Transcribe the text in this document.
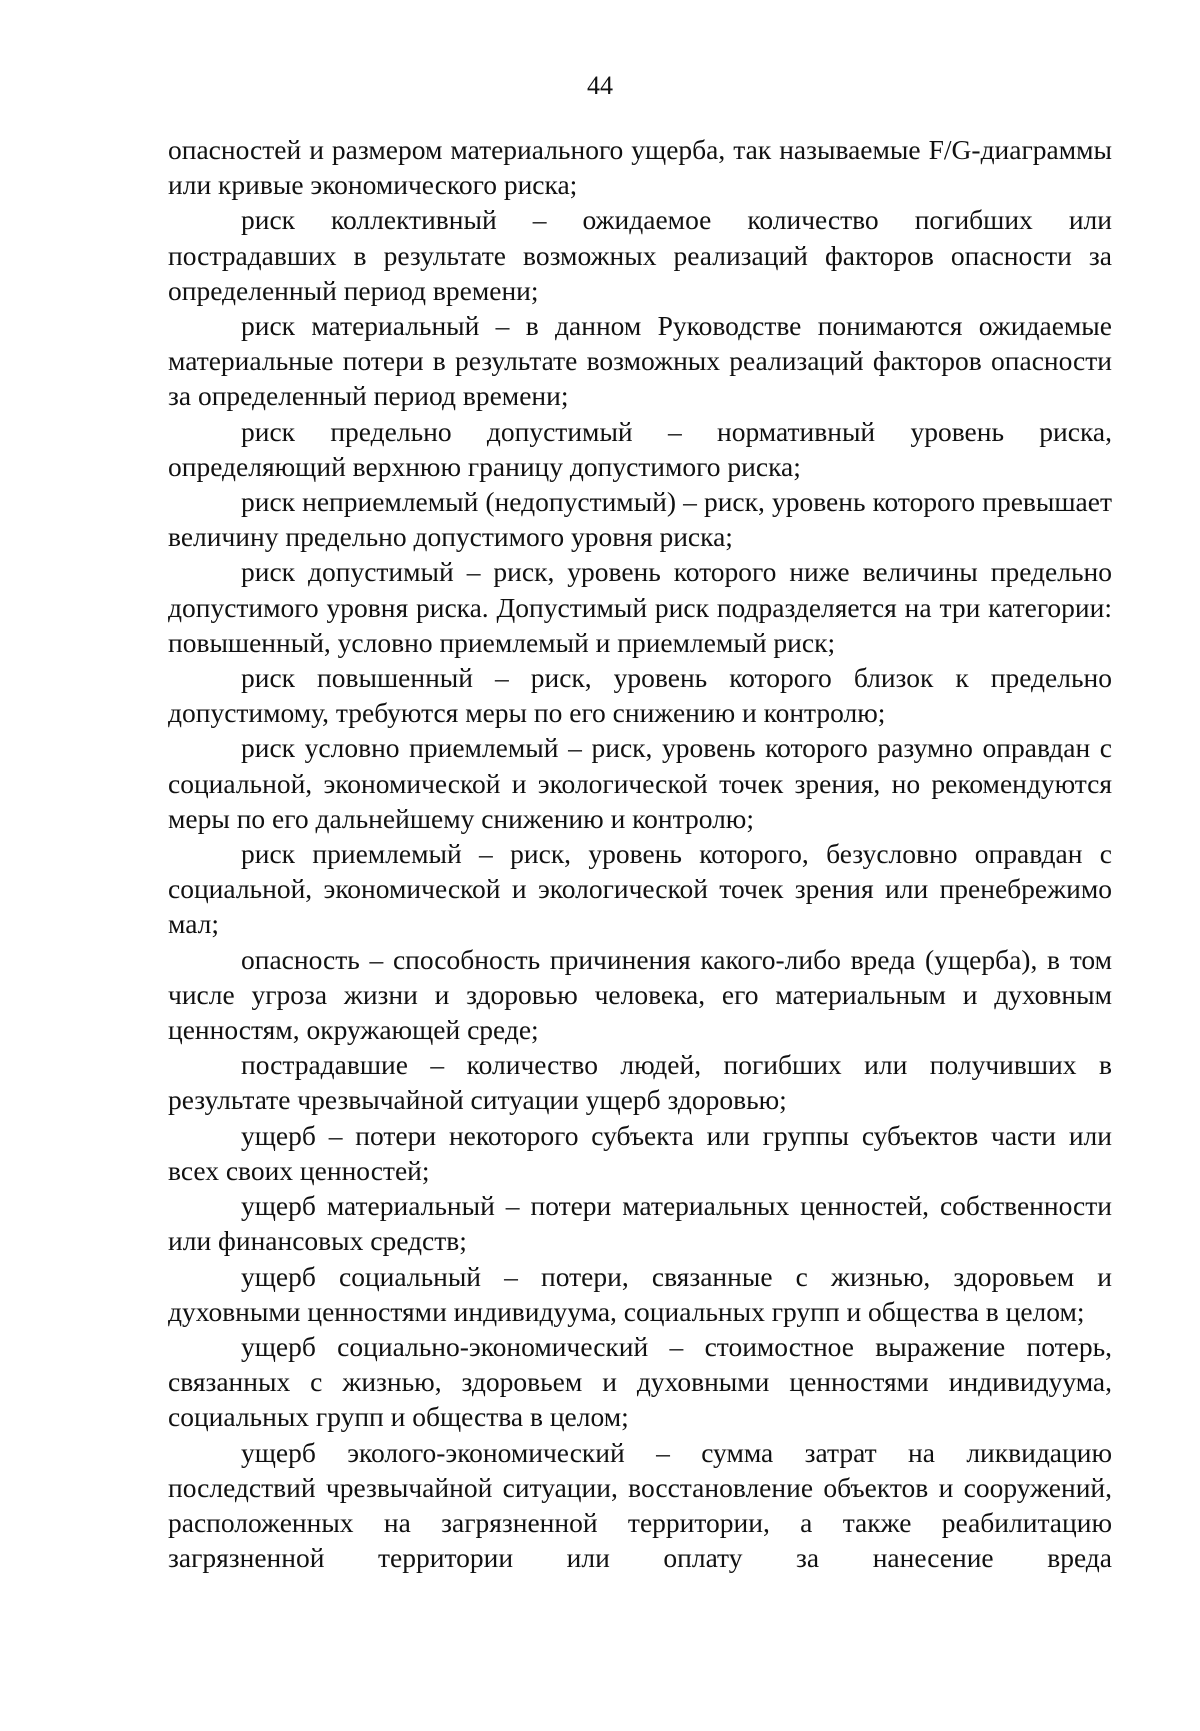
44

опасностей и размером материального ущерба, так называемые F/G-диаграммы или кривые экономического риска;

риск коллективный – ожидаемое количество погибших или пострадавших в результате возможных реализаций факторов опасности за определенный период времени;

риск материальный – в данном Руководстве понимаются ожидаемые материальные потери в результате возможных реализаций факторов опасности за определенный период времени;

риск предельно допустимый – нормативный уровень риска, определяющий верхнюю границу допустимого риска;

риск неприемлемый (недопустимый) – риск, уровень которого превышает величину предельно допустимого уровня риска;

риск допустимый – риск, уровень которого ниже величины предельно допустимого уровня риска. Допустимый риск подразделяется на три категории: повышенный, условно приемлемый и приемлемый риск;

риск повышенный – риск, уровень которого близок к предельно допустимому, требуются меры по его снижению и контролю;

риск условно приемлемый – риск, уровень которого разумно оправдан с социальной, экономической и экологической точек зрения, но рекомендуются меры по его дальнейшему снижению и контролю;

риск приемлемый – риск, уровень которого, безусловно оправдан с социальной, экономической и экологической точек зрения или пренебрежимо мал;

опасность – способность причинения какого-либо вреда (ущерба), в том числе угроза жизни и здоровью человека, его материальным и духовным ценностям, окружающей среде;

пострадавшие – количество людей, погибших или получивших в результате чрезвычайной ситуации ущерб здоровью;

ущерб – потери некоторого субъекта или группы субъектов части или всех своих ценностей;

ущерб материальный – потери материальных ценностей, собственности или финансовых средств;

ущерб социальный – потери, связанные с жизнью, здоровьем и духовными ценностями индивидуума, социальных групп и общества в целом;

ущерб социально-экономический – стоимостное выражение потерь, связанных с жизнью, здоровьем и духовными ценностями индивидуума, социальных групп и общества в целом;

ущерб эколого-экономический – сумма затрат на ликвидацию последствий чрезвычайной ситуации, восстановление объектов и сооружений, расположенных на загрязненной территории, а также реабилитацию загрязненной территории или оплату за нанесение вреда
